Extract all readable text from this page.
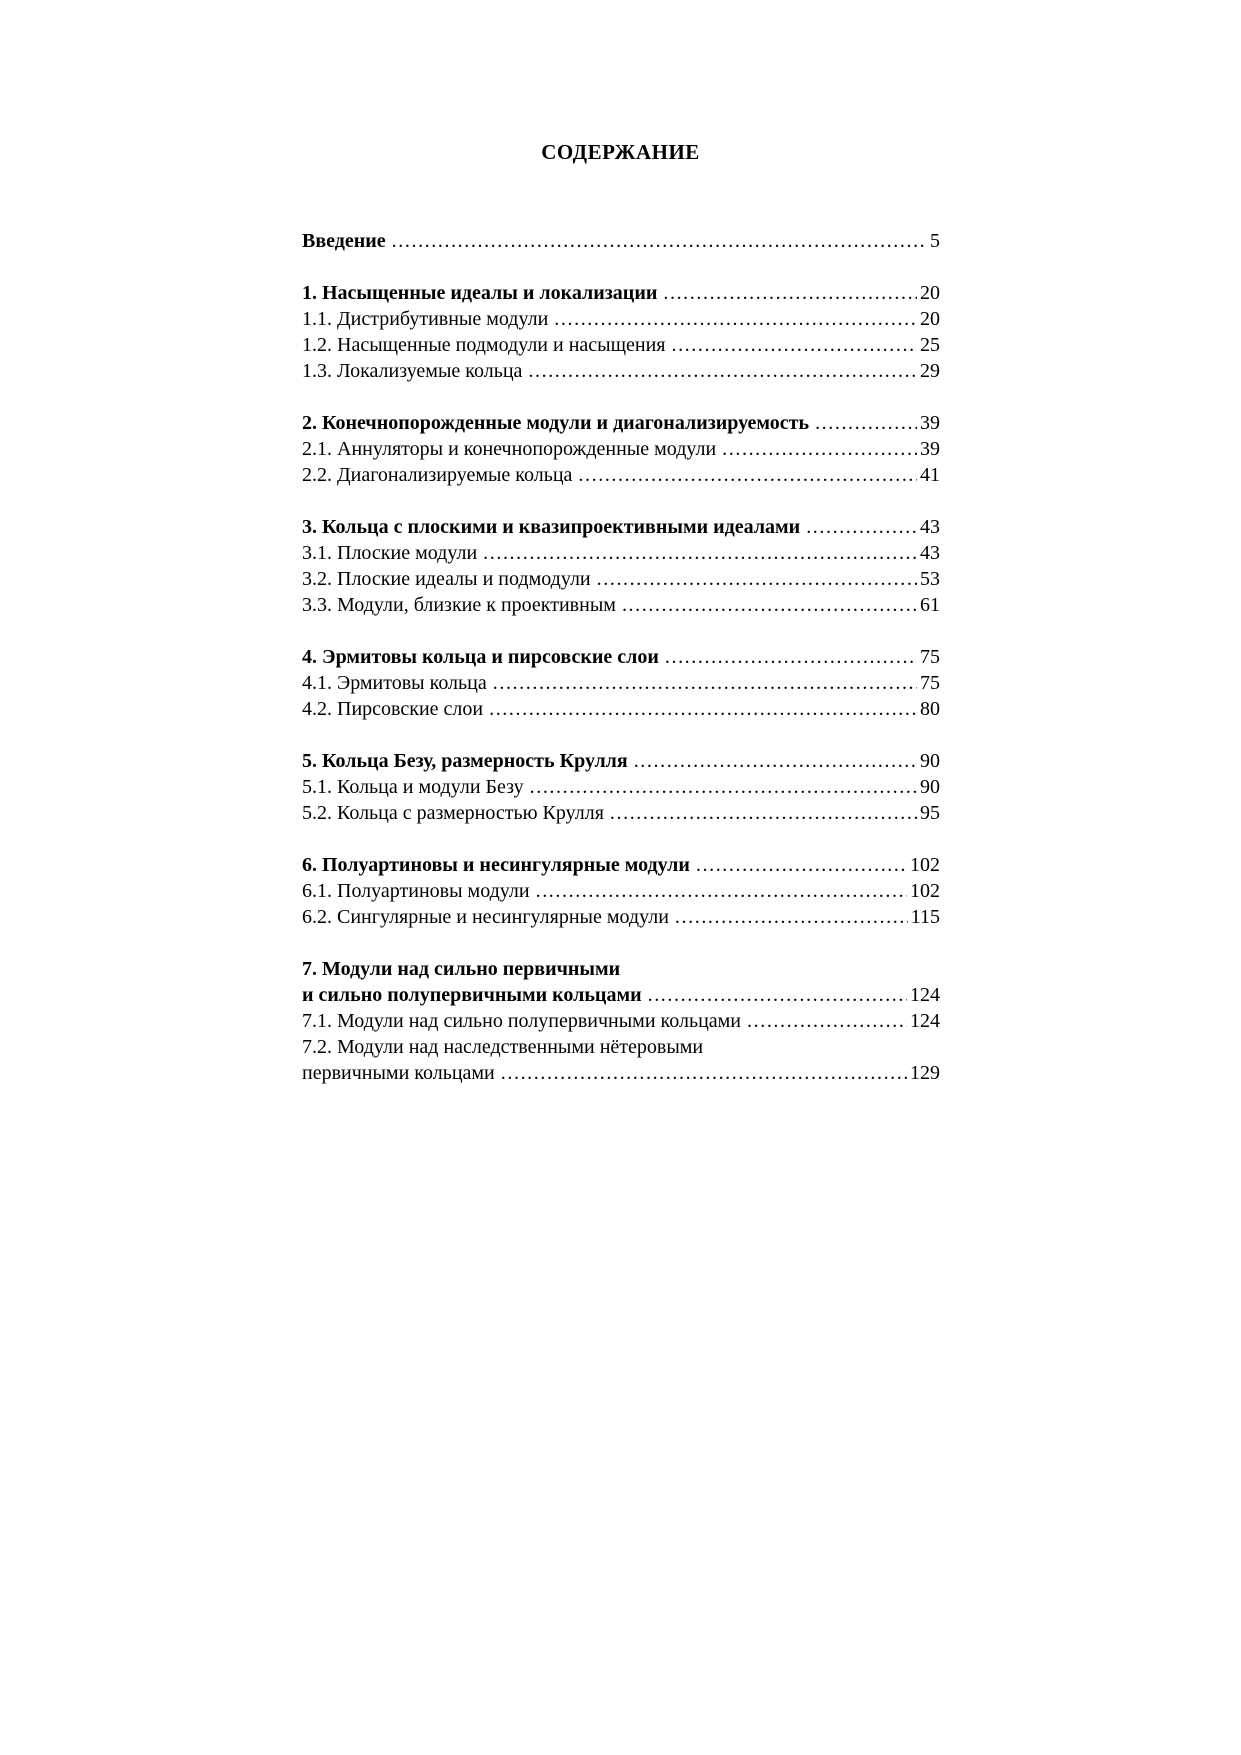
СОДЕРЖАНИЕ
Введение .....	5
1. Насыщенные идеалы и локализации .....	20
1.1. Дистрибутивные модули .....	20
1.2. Насыщенные подмодули и насыщения .....	25
1.3. Локализуемые кольца .....	29
2. Конечнопорожденные модули и диагонализируемость .....	39
2.1. Аннуляторы и конечнопорожденные модули .....	39
2.2. Диагонализируемые кольца .....	41
3. Кольца с плоскими и квазипроективными идеалами .....	43
3.1. Плоские модули .....	43
3.2. Плоские идеалы и подмодули .....	53
3.3. Модули, близкие к проективным .....	61
4. Эрмитовы кольца и пирсовские слои .....	75
4.1. Эрмитовы кольца .....	75
4.2. Пирсовские слои .....	80
5. Кольца Безу, размерность Крулля .....	90
5.1. Кольца и модули Безу .....	90
5.2. Кольца с размерностью Крулля .....	95
6. Полуартиновы и несингулярные модули .....	102
6.1. Полуартиновы модули .....	102
6.2. Сингулярные и несингулярные модули .....	115
7. Модули над сильно первичными
и сильно полупервичными кольцами .....	124
7.1. Модули над сильно полупервичными кольцами .....	124
7.2. Модули над наследственными нётеровыми
первичными кольцами .....	129
